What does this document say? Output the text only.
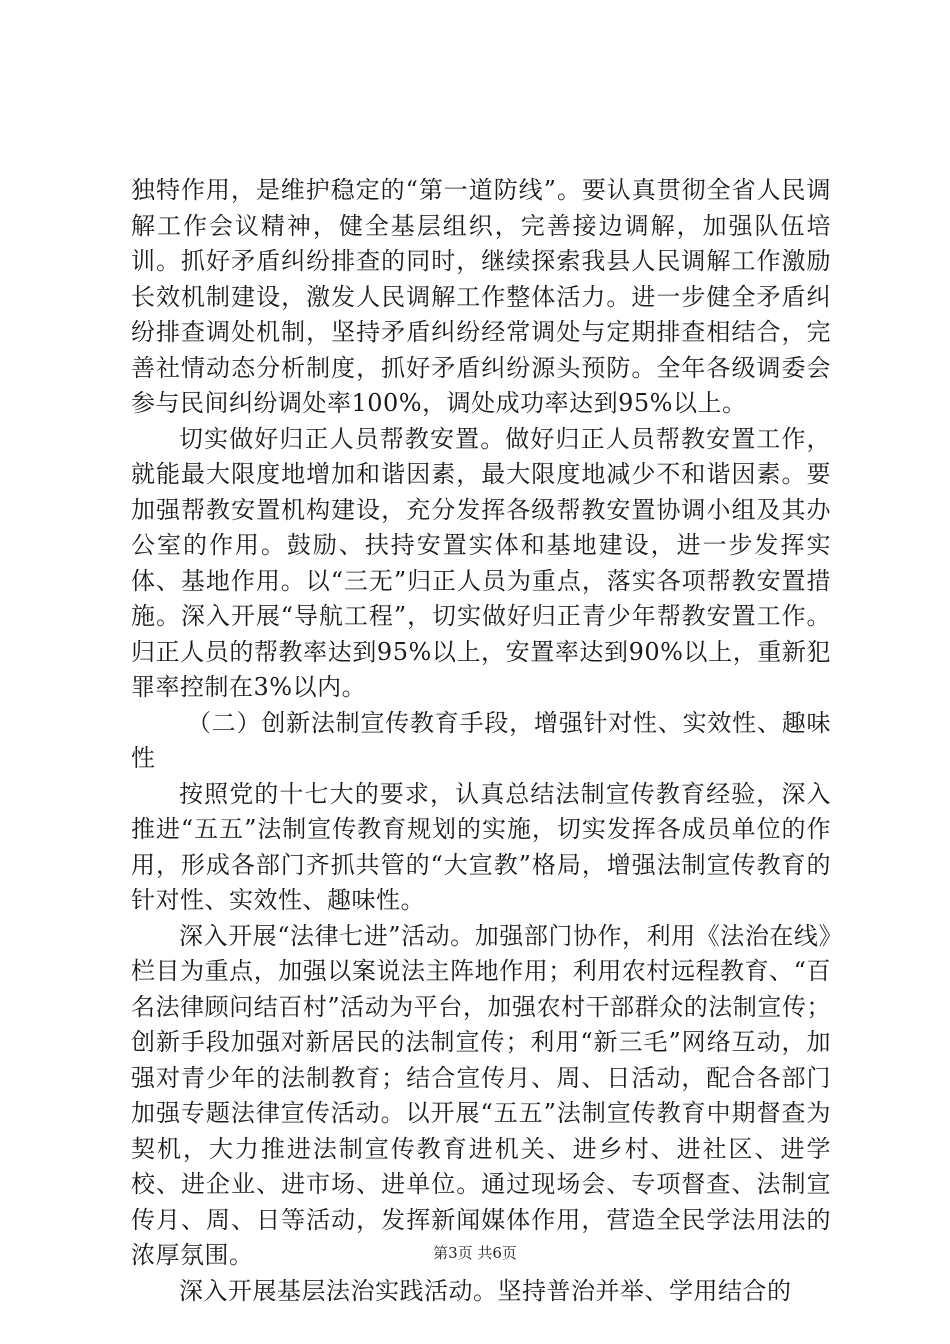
独特作用，是维护稳定的“第一道防线”。要认真贯彻全省人民调解工作会议精神，健全基层组织，完善接边调解，加强队伍培训。抓好矛盾纠纷排查的同时，继续探索我县人民调解工作激励长效机制建设，激发人民调解工作整体活力。进一步健全矛盾纠纷排查调处机制，坚持矛盾纠纷经常调处与定期排查相结合，完善社情动态分析制度，抓好矛盾纠纷源头预防。全年各级调委会参与民间纠纷调处率100%，调处成功率达到95%以上。

切实做好归正人员帮教安置。做好归正人员帮教安置工作，就能最大限度地增加和谐因素，最大限度地减少不和谐因素。要加强帮教安置机构建设，充分发挥各级帮教安置协调小组及其办公室的作用。鼓励、扶持安置实体和基地建设，进一步发挥实体、基地作用。以“三无”归正人员为重点，落实各项帮教安置措施。深入开展“导航工程”，切实做好归正青少年帮教安置工作。归正人员的帮教率达到95%以上，安置率达到90%以上，重新犯罪率控制在3%以内。

（二）创新法制宣传教育手段，增强针对性、实效性、趣味性

按照党的十七大的要求，认真总结法制宣传教育经验，深入推进“五五”法制宣传教育规划的实施，切实发挥各成员单位的作用，形成各部门齐抓共管的“大宣教”格局，增强法制宣传教育的针对性、实效性、趣味性。

深入开展“法律七进”活动。加强部门协作，利用《法治在线》栏目为重点，加强以案说法主阵地作用；利用农村远程教育、“百名法律顾问结百村”活动为平台，加强农村干部群众的法制宣传；创新手段加强对新居民的法制宣传；利用“新三毛”网络互动，加强对青少年的法制教育；结合宣传月、周、日活动，配合各部门加强专题法律宣传活动。以开展“五五”法制宣传教育中期督查为契机，大力推进法制宣传教育进机关、进乡村、进社区、进学校、进企业、进市场、进单位。通过现场会、专项督查、法制宣传月、周、日等活动，发挥新闻媒体作用，营造全民学法用法的浓厚氛围。

深入开展基层法治实践活动。坚持普治并举、学用结合的

第3页 共6页
